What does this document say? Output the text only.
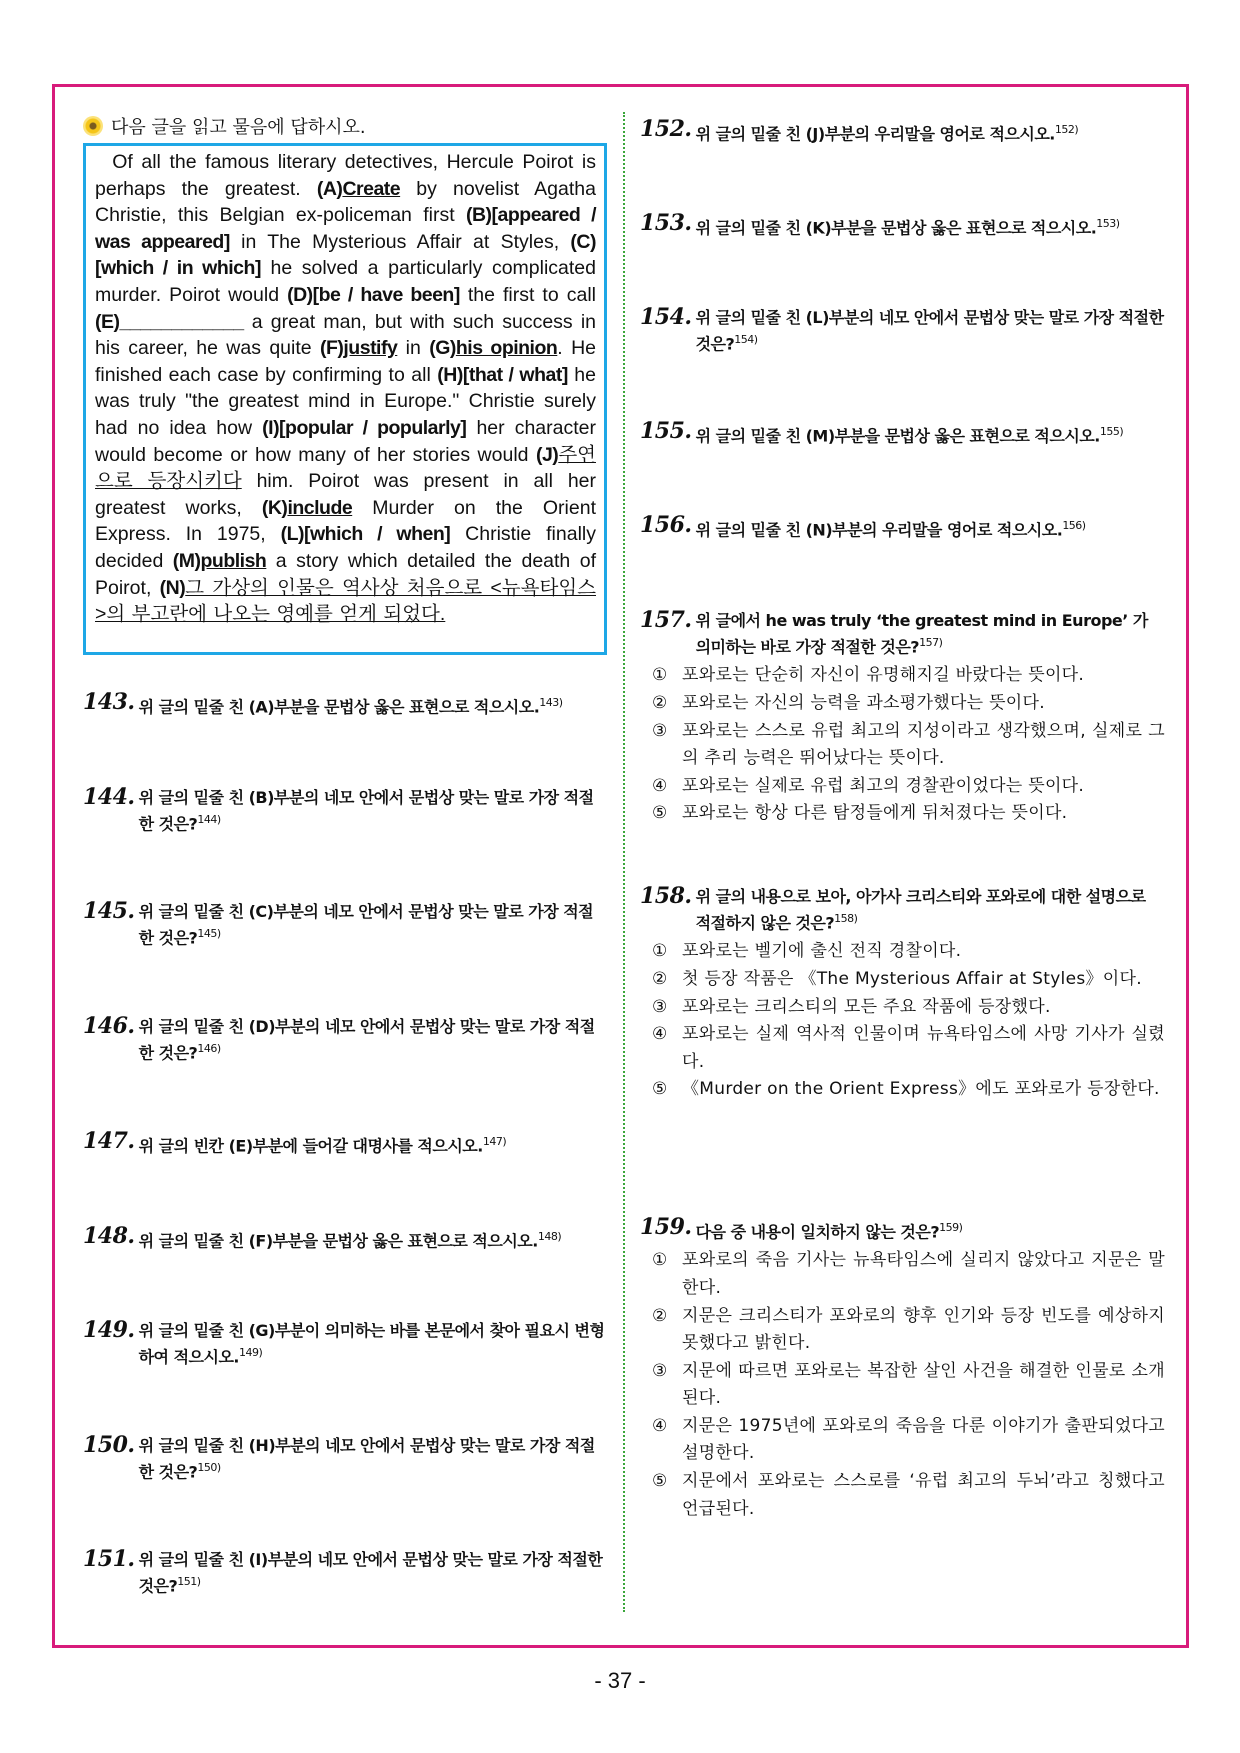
다음 글을 읽고 물음에 답하시오.
Of all the famous literary detectives, Hercule Poirot is perhaps the greatest. (A)Create by novelist Agatha Christie, this Belgian ex-policeman first (B)[appeared / was appeared] in The Mysterious Affair at Styles, (C)[which / in which] he solved a particularly complicated murder. Poirot would (D)[be / have been] the first to call (E)____________ a great man, but with such success in his career, he was quite (F)justify in (G)his opinion. He finished each case by confirming to all (H)[that / what] he was truly "the greatest mind in Europe." Christie surely had no idea how (I)[popular / popularly] her character would become or how many of her stories would (J)주연으로 등장시키다 him. Poirot was present in all her greatest works, (K)include Murder on the Orient Express. In 1975, (L)[which / when] Christie finally decided (M)publish a story which detailed the death of Poirot, (N)그 가상의 인물은 역사상 처음으로 <뉴욕타임스>의 부고란에 나오는 영예를 얻게 되었다.
143. 위 글의 밑줄 친 (A)부분을 문법상 옳은 표현으로 적으시오.$^{143)}$
144. 위 글의 밑줄 친 (B)부분의 네모 안에서 문법상 맞는 말로 가장 적절한 것은?$^{144)}$
145. 위 글의 밑줄 친 (C)부분의 네모 안에서 문법상 맞는 말로 가장 적절한 것은?$^{145)}$
146. 위 글의 밑줄 친 (D)부분의 네모 안에서 문법상 맞는 말로 가장 적절한 것은?$^{146)}$
147. 위 글의 빈칸 (E)부분에 들어갈 대명사를 적으시오.$^{147)}$
148. 위 글의 밑줄 친 (F)부분을 문법상 옳은 표현으로 적으시오.$^{148)}$
149. 위 글의 밑줄 친 (G)부분이 의미하는 바를 본문에서 찾아 필요시 변형하여 적으시오.$^{149)}$
150. 위 글의 밑줄 친 (H)부분의 네모 안에서 문법상 맞는 말로 가장 적절한 것은?$^{150)}$
151. 위 글의 밑줄 친 (I)부분의 네모 안에서 문법상 맞는 말로 가장 적절한 것은?$^{151)}$
152. 위 글의 밑줄 친 (J)부분의 우리말을 영어로 적으시오.$^{152)}$
153. 위 글의 밑줄 친 (K)부분을 문법상 옳은 표현으로 적으시오.$^{153)}$
154. 위 글의 밑줄 친 (L)부분의 네모 안에서 문법상 맞는 말로 가장 적절한 것은?$^{154)}$
155. 위 글의 밑줄 친 (M)부분을 문법상 옳은 표현으로 적으시오.$^{155)}$
156. 위 글의 밑줄 친 (N)부분의 우리말을 영어로 적으시오.$^{156)}$
157. 위 글에서 he was truly ‘the greatest mind in Europe’ 가 의미하는 바로 가장 적절한 것은?$^{157)}$
① 포와로는 단순히 자신이 유명해지길 바랐다는 뜻이다.
② 포와로는 자신의 능력을 과소평가했다는 뜻이다.
③ 포와로는 스스로 유럽 최고의 지성이라고 생각했으며, 실제로 그의 추리 능력은 뛰어났다는 뜻이다.
④ 포와로는 실제로 유럽 최고의 경찰관이었다는 뜻이다.
⑤ 포와로는 항상 다른 탐정들에게 뒤처졌다는 뜻이다.
158. 위 글의 내용으로 보아, 아가사 크리스티와 포와로에 대한 설명으로 적절하지 않은 것은?$^{158)}$
① 포와로는 벨기에 출신 전직 경찰이다.
② 첫 등장 작품은 《The Mysterious Affair at Styles》이다.
③ 포와로는 크리스티의 모든 주요 작품에 등장했다.
④ 포와로는 실제 역사적 인물이며 뉴욕타임스에 사망 기사가 실렸다.
⑤ 《Murder on the Orient Express》에도 포와로가 등장한다.
159. 다음 중 내용이 일치하지 않는 것은?$^{159)}$
① 포와로의 죽음 기사는 뉴욕타임스에 실리지 않았다고 지문은 말한다.
② 지문은 크리스티가 포와로의 향후 인기와 등장 빈도를 예상하지 못했다고 밝힌다.
③ 지문에 따르면 포와로는 복잡한 살인 사건을 해결한 인물로 소개된다.
④ 지문은 1975년에 포와로의 죽음을 다룬 이야기가 출판되었다고 설명한다.
⑤ 지문에서 포와로는 스스로를 ‘유럽 최고의 두뇌’라고 칭했다고 언급된다.
- 37 -
